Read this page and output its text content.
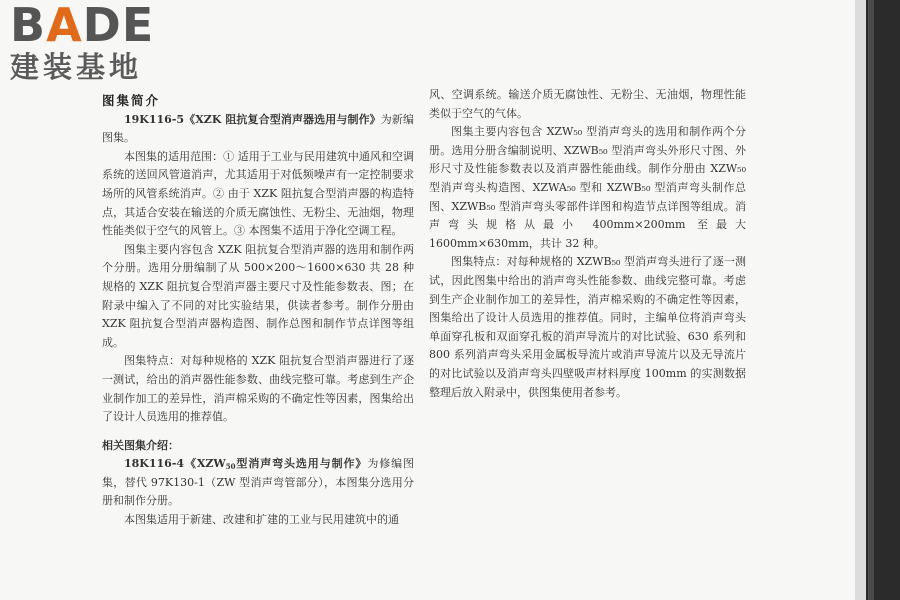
BADE
建装基地

图集简介

19K116-5《XZK 阻抗复合型消声器选用与制作》为新编图集。

本图集的适用范围：① 适用于工业与民用建筑中通风和空调系统的送回风管道消声，尤其适用于对低频噪声有一定控制要求场所的风管系统消声。② 由于 XZK 阻抗复合型消声器的构造特点，其适合安装在输送的介质无腐蚀性、无粉尘、无油烟，物理性能类似于空气的风管上。③ 本图集不适用于净化空调工程。

图集主要内容包含 XZK 阻抗复合型消声器的选用和制作两个分册。选用分册编制了从 500×200～1600×630 共 28 种规格的 XZK 阻抗复合型消声器主要尺寸及性能参数表、图；在附录中编入了不同的对比实验结果，供读者参考。制作分册由 XZK 阻抗复合型消声器构造图、制作总图和制作节点详图等组成。

图集特点：对每种规格的 XZK 阻抗复合型消声器进行了逐一测试，给出的消声器性能参数、曲线完整可靠。考虑到生产企业制作加工的差异性，消声棉采购的不确定性等因素，图集给出了设计人员选用的推荐值。

相关图集介绍：

18K116-4《$XZW_{50}$型消声弯头选用与制作》为修编图集，替代 97K130-1（ZW 型消声弯管部分），本图集分选用分册和制作分册。

本图集适用于新建、改建和扩建的工业与民用建筑中的通

风、空调系统。输送介质无腐蚀性、无粉尘、无油烟，物理性能类似于空气的气体。

图集主要内容包含 XZW₅₀ 型消声弯头的选用和制作两个分册。选用分册含编制说明、XZWB₅₀ 型消声弯头外形尺寸图、外形尺寸及性能参数表以及消声器性能曲线。制作分册由 XZW₅₀ 型消声弯头构造图、XZWA₅₀ 型和 XZWB₅₀ 型消声弯头制作总图、XZWB₅₀ 型消声弯头零部件详图和构造节点详图等组成。消声弯头规格从最小 400mm×200mm 至最大 1600mm×630mm，共计 32 种。

图集特点：对每种规格的 XZWB₅₀ 型消声弯头进行了逐一测试，因此图集中给出的消声弯头性能参数、曲线完整可靠。考虑到生产企业制作加工的差异性，消声棉采购的不确定性等因素，图集给出了设计人员选用的推荐值。同时，主编单位将消声弯头单面穿孔板和双面穿孔板的消声导流片的对比试验、630 系列和 800 系列消声弯头采用金属板导流片或消声导流片以及无导流片的对比试验以及消声弯头四壁吸声材料厚度 100mm 的实测数据整理后放入附录中，供图集使用者参考。
